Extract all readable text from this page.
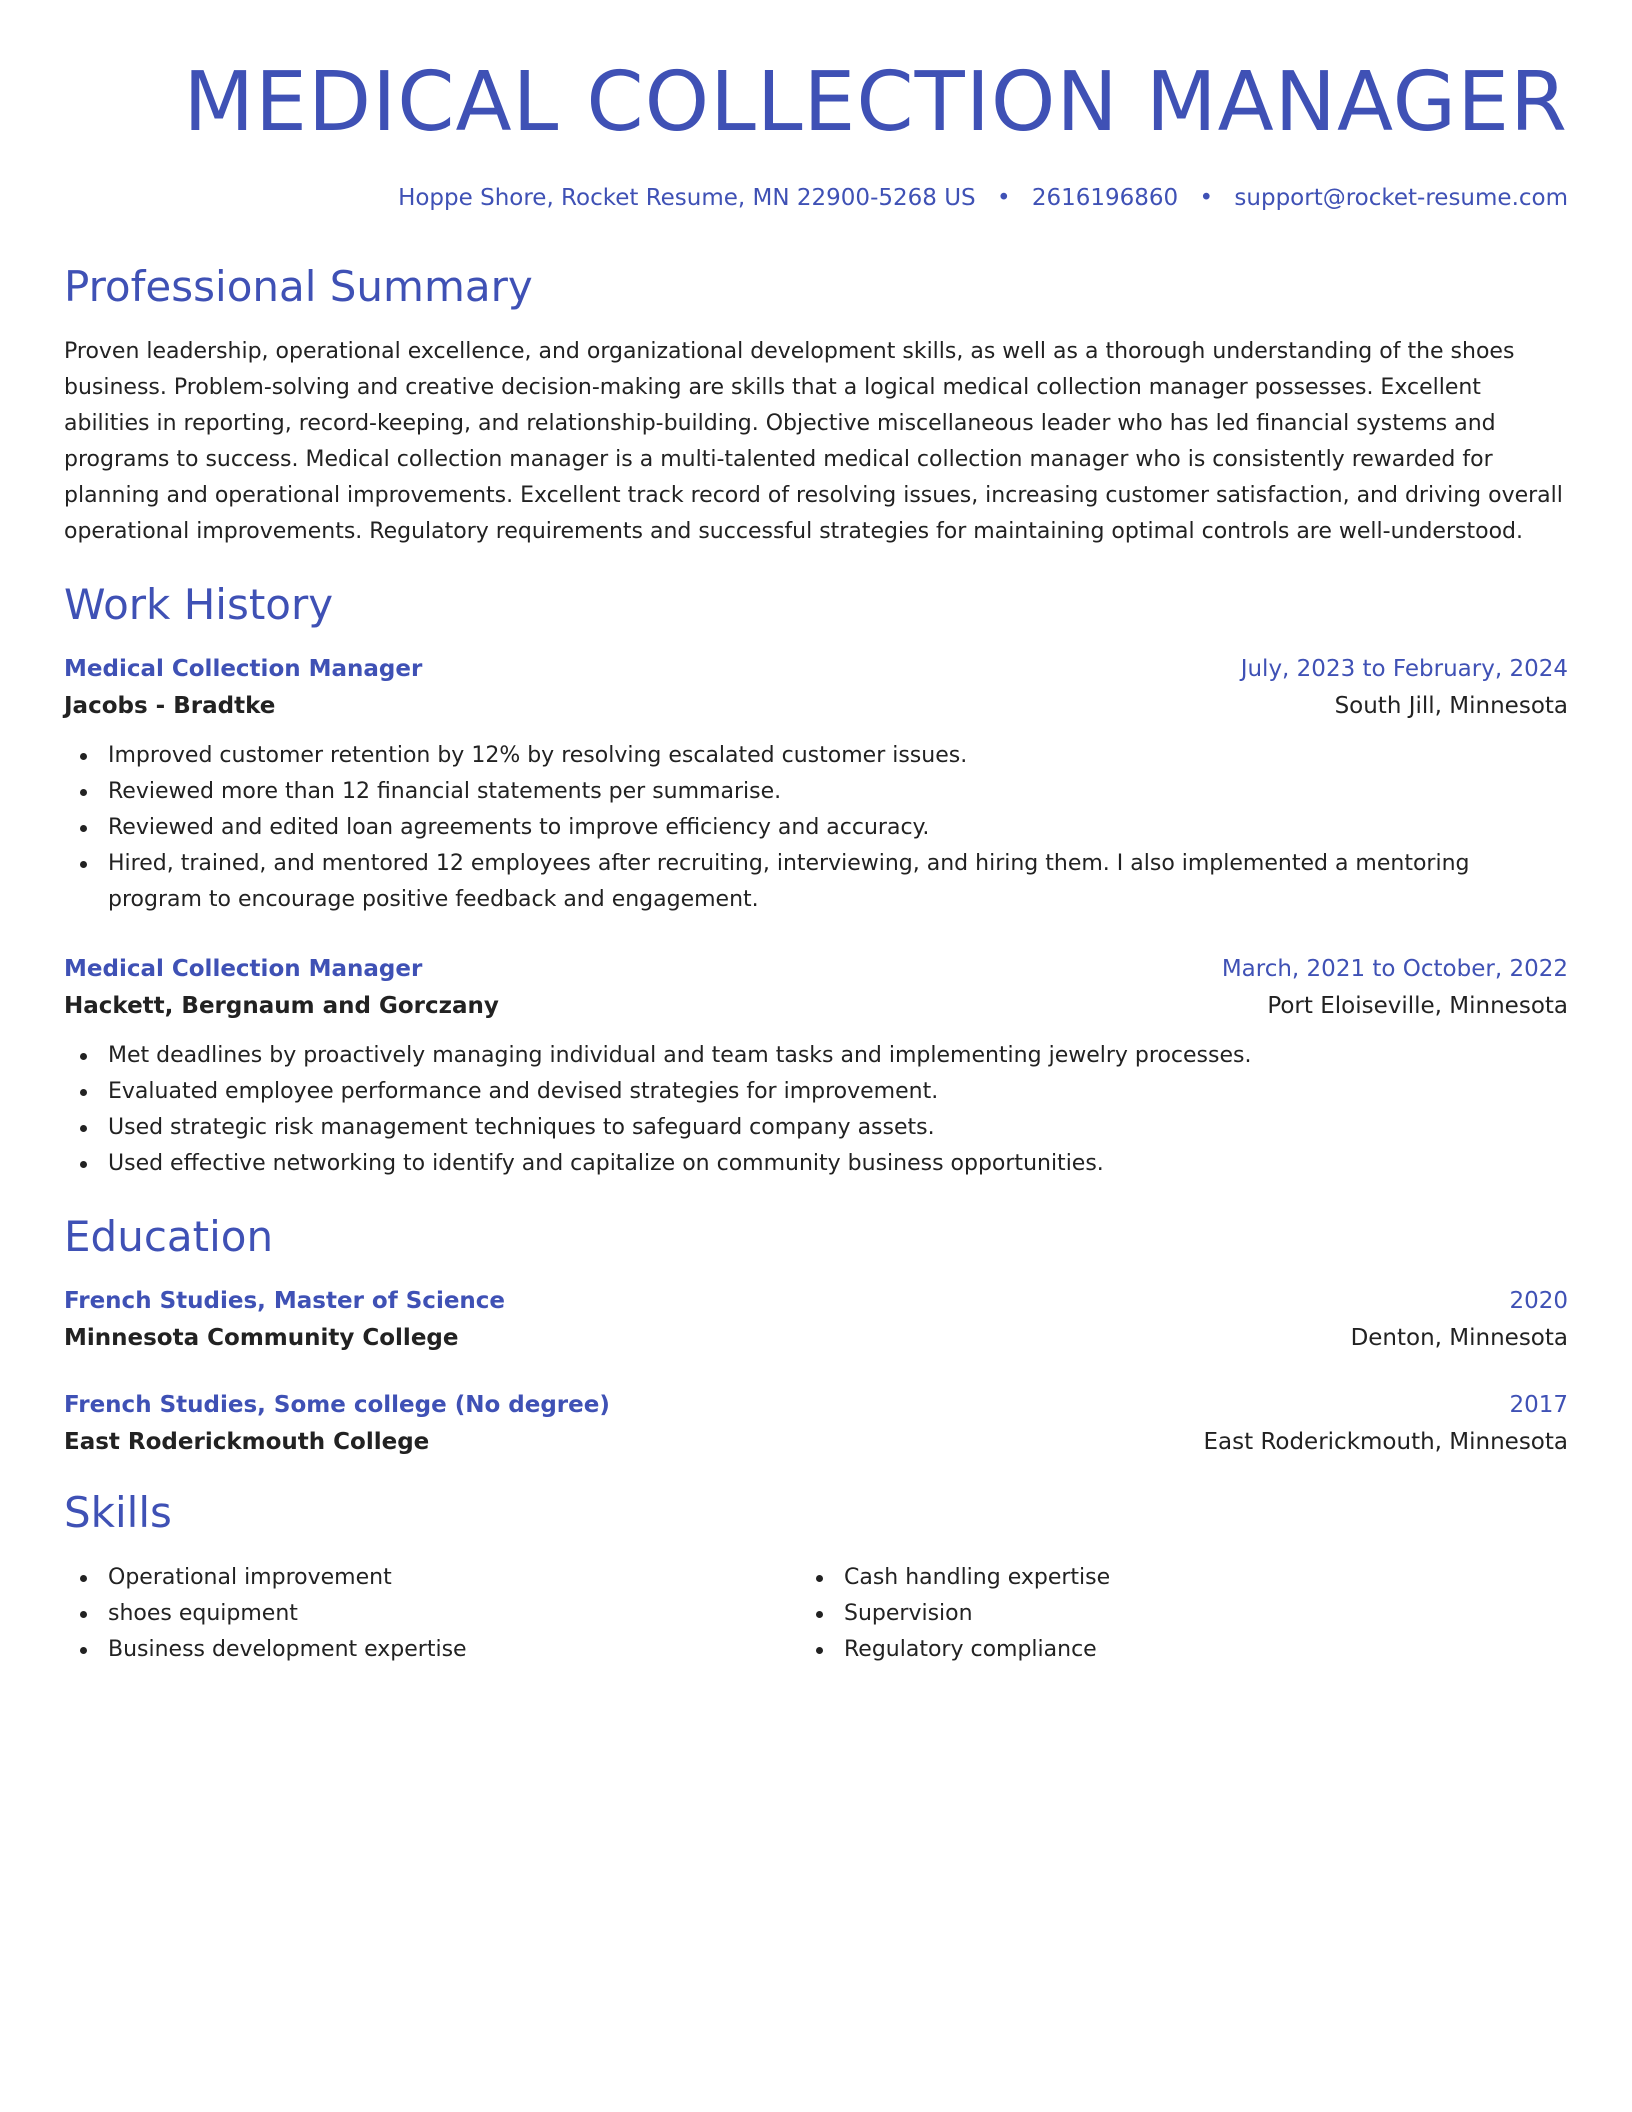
MEDICAL COLLECTION MANAGER
Hoppe Shore, Rocket Resume, MN 22900-5268 US • 2616196860 • support@rocket-resume.com
Professional Summary

Proven leadership, operational excellence, and organizational development skills, as well as a thorough understanding of the shoes business. Problem-solving and creative decision-making are skills that a logical medical collection manager possesses. Excellent abilities in reporting, record-keeping, and relationship-building. Objective miscellaneous leader who has led financial systems and programs to success. Medical collection manager is a multi-talented medical collection manager who is consistently rewarded for planning and operational improvements. Excellent track record of resolving issues, increasing customer satisfaction, and driving overall operational improvements. Regulatory requirements and successful strategies for maintaining optimal controls are well-understood.

Work History
Medical Collection Manager	July, 2023 to February, 2024
Jacobs - Bradtke	South Jill, Minnesota
Improved customer retention by 12% by resolving escalated customer issues.
Reviewed more than 12 financial statements per summarise.
Reviewed and edited loan agreements to improve efficiency and accuracy.
Hired, trained, and mentored 12 employees after recruiting, interviewing, and hiring them. I also implemented a mentoring program to encourage positive feedback and engagement.
Medical Collection Manager	March, 2021 to October, 2022
Hackett, Bergnaum and Gorczany	Port Eloiseville, Minnesota
Met deadlines by proactively managing individual and team tasks and implementing jewelry processes.
Evaluated employee performance and devised strategies for improvement.
Used strategic risk management techniques to safeguard company assets.
Used effective networking to identify and capitalize on community business opportunities.
Education
French Studies, Master of Science	2020
Minnesota Community College	Denton, Minnesota
French Studies, Some college (No degree)	2017
East Roderickmouth College	East Roderickmouth, Minnesota
Skills
Operational improvement
shoes equipment
Business development expertise
Cash handling expertise
Supervision
Regulatory compliance
